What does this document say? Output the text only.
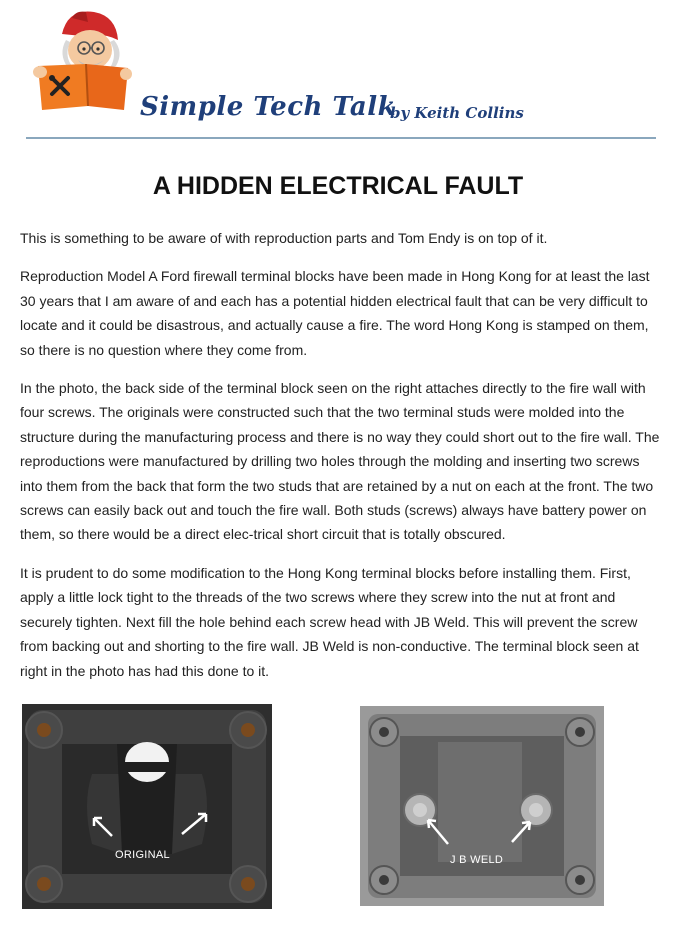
Simple Tech Talk
by Keith Collins
A HIDDEN ELECTRICAL FAULT

This is something to be aware of with reproduction parts and Tom Endy is on top of it.

Reproduction Model A Ford firewall terminal blocks have been made in Hong Kong for at least the last 30 years that I am aware of and each has a potential hidden electrical fault that can be very difficult to locate and it could be disastrous, and actually cause a fire. The word Hong Kong is stamped on them, so there is no question where they come from.

In the photo, the back side of the terminal block seen on the right attaches directly to the fire wall with four screws. The originals were constructed such that the two terminal studs were molded into the structure during the manufacturing process and there is no way they could short out to the fire wall. The reproductions were manufactured by drilling two holes through the molding and inserting two screws into them from the back that form the two studs that are retained by a nut on each at the front. The two screws can easily back out and touch the fire wall. Both studs (screws) always have battery power on them, so there would be a direct elec-trical short circuit that is totally obscured.

It is prudent to do some modification to the Hong Kong terminal blocks before installing them. First, apply a little lock tight to the threads of the two screws where they screw into the nut at front and securely tighten. Next fill the hole behind each screw head with JB Weld. This will prevent the screw from backing out and shorting to the fire wall. JB Weld is non-conductive. The terminal block seen at right in the photo has had this done to it.

ORIGINAL	J B WELD
